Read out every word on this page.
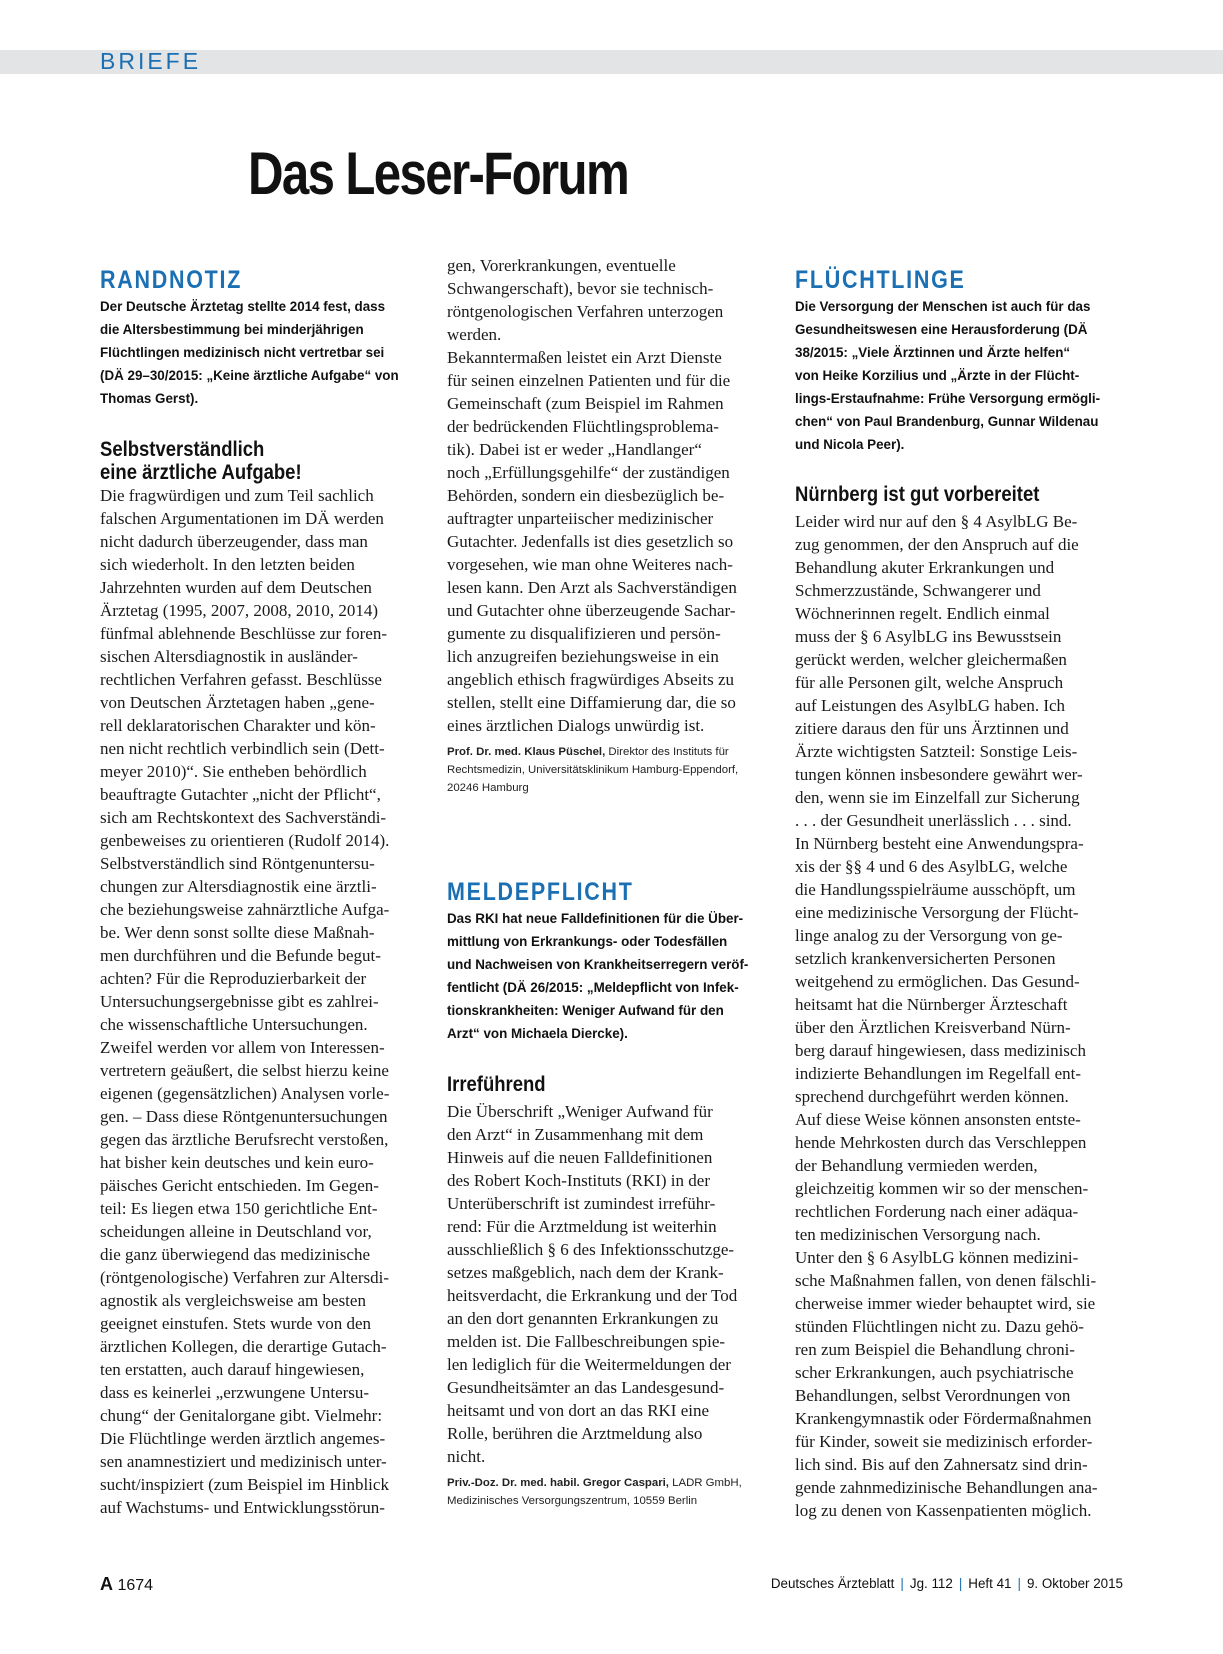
BRIEFE
Das Leser-Forum
RANDNOTIZ
Der Deutsche Ärztetag stellte 2014 fest, dass
die Altersbestimmung bei minderjährigen
Flüchtlingen medizinisch nicht vertretbar sei
(DÄ 29–30/2015: „Keine ärztliche Aufgabe“ von
Thomas Gerst).
Selbstverständlich
eine ärztliche Aufgabe!
Die fragwürdigen und zum Teil sachlich
falschen Argumentationen im DÄ werden
nicht dadurch überzeugender, dass man
sich wiederholt. In den letzten beiden
Jahrzehnten wurden auf dem Deutschen
Ärztetag (1995, 2007, 2008, 2010, 2014)
fünfmal ablehnende Beschlüsse zur foren-
sischen Altersdiagnostik in ausländer-
rechtlichen Verfahren gefasst. Beschlüsse
von Deutschen Ärztetagen haben „gene-
rell deklaratorischen Charakter und kön-
nen nicht rechtlich verbindlich sein (Dett-
meyer 2010)“. Sie entheben behördlich
beauftragte Gutachter „nicht der Pflicht“,
sich am Rechtskontext des Sachverständi-
genbeweises zu orientieren (Rudolf 2014).
Selbstverständlich sind Röntgenuntersu-
chungen zur Altersdiagnostik eine ärztli-
che beziehungsweise zahnärztliche Aufga-
be. Wer denn sonst sollte diese Maßnah-
men durchführen und die Befunde begut-
achten? Für die Reproduzierbarkeit der
Untersuchungsergebnisse gibt es zahlrei-
che wissenschaftliche Untersuchungen.
Zweifel werden vor allem von Interessen-
vertretern geäußert, die selbst hierzu keine
eigenen (gegensätzlichen) Analysen vorle-
gen. – Dass diese Röntgenuntersuchungen
gegen das ärztliche Berufsrecht verstoßen,
hat bisher kein deutsches und kein euro-
päisches Gericht entschieden. Im Gegen-
teil: Es liegen etwa 150 gerichtliche Ent-
scheidungen alleine in Deutschland vor,
die ganz überwiegend das medizinische
(röntgenologische) Verfahren zur Altersdi-
agnostik als vergleichsweise am besten
geeignet einstufen. Stets wurde von den
ärztlichen Kollegen, die derartige Gutach-
ten erstatten, auch darauf hingewiesen,
dass es keinerlei „erzwungene Untersu-
chung“ der Genitalorgane gibt. Vielmehr:
Die Flüchtlinge werden ärztlich angemes-
sen anamnestiziert und medizinisch unter-
sucht/inspiziert (zum Beispiel im Hinblick
auf Wachstums- und Entwicklungsstörun-
gen, Vorerkrankungen, eventuelle
Schwangerschaft), bevor sie technisch-
röntgenologischen Verfahren unterzogen
werden.
Bekanntermaßen leistet ein Arzt Dienste
für seinen einzelnen Patienten und für die
Gemeinschaft (zum Beispiel im Rahmen
der bedrückenden Flüchtlingsproblema-
tik). Dabei ist er weder „Handlanger“
noch „Erfüllungsgehilfe“ der zuständigen
Behörden, sondern ein diesbezüglich be-
auftragter unparteiischer medizinischer
Gutachter. Jedenfalls ist dies gesetzlich so
vorgesehen, wie man ohne Weiteres nach-
lesen kann. Den Arzt als Sachverständigen
und Gutachter ohne überzeugende Sachar-
gumente zu disqualifizieren und persön-
lich anzugreifen beziehungsweise in ein
angeblich ethisch fragwürdiges Abseits zu
stellen, stellt eine Diffamierung dar, die so
eines ärztlichen Dialogs unwürdig ist.
Prof. Dr. med. Klaus Püschel, Direktor des Instituts für
Rechtsmedizin, Universitätsklinikum Hamburg-Eppendorf,
20246 Hamburg
MELDEPFLICHT
Das RKI hat neue Falldefinitionen für die Über-
mittlung von Erkrankungs- oder Todesfällen
und Nachweisen von Krankheitserregern veröf-
fentlicht (DÄ 26/2015: „Meldepflicht von Infek-
tionskrankheiten: Weniger Aufwand für den
Arzt“ von Michaela Diercke).
Irreführend
Die Überschrift „Weniger Aufwand für
den Arzt“ in Zusammenhang mit dem
Hinweis auf die neuen Falldefinitionen
des Robert Koch-Instituts (RKI) in der
Unterüberschrift ist zumindest irreführ-
rend: Für die Arztmeldung ist weiterhin
ausschließlich § 6 des Infektionsschutzge-
setzes maßgeblich, nach dem der Krank-
heitsverdacht, die Erkrankung und der Tod
an den dort genannten Erkrankungen zu
melden ist. Die Fallbeschreibungen spie-
len lediglich für die Weitermeldungen der
Gesundheitsämter an das Landesgesund-
heitsamt und von dort an das RKI eine
Rolle, berühren die Arztmeldung also
nicht.
Priv.-Doz. Dr. med. habil. Gregor Caspari, LADR GmbH,
Medizinisches Versorgungszentrum, 10559 Berlin
FLÜCHTLINGE
Die Versorgung der Menschen ist auch für das
Gesundheitswesen eine Herausforderung (DÄ
38/2015: „Viele Ärztinnen und Ärzte helfen“
von Heike Korzilius und „Ärzte in der Flücht-
lings-Erstaufnahme: Frühe Versorgung ermögli-
chen“ von Paul Brandenburg, Gunnar Wildenau
und Nicola Peer).
Nürnberg ist gut vorbereitet
Leider wird nur auf den § 4 AsylbLG Be-
zug genommen, der den Anspruch auf die
Behandlung akuter Erkrankungen und
Schmerzzustände, Schwangerer und
Wöchnerinnen regelt. Endlich einmal
muss der § 6 AsylbLG ins Bewusstsein
gerückt werden, welcher gleichermaßen
für alle Personen gilt, welche Anspruch
auf Leistungen des AsylbLG haben. Ich
zitiere daraus den für uns Ärztinnen und
Ärzte wichtigsten Satzteil: Sonstige Leis-
tungen können insbesondere gewährt wer-
den, wenn sie im Einzelfall zur Sicherung
. . . der Gesundheit unerlässlich . . . sind.
In Nürnberg besteht eine Anwendungspra-
xis der §§ 4 und 6 des AsylbLG, welche
die Handlungsspielräume ausschöpft, um
eine medizinische Versorgung der Flücht-
linge analog zu der Versorgung von ge-
setzlich krankenversicherten Personen
weitgehend zu ermöglichen. Das Gesund-
heitsamt hat die Nürnberger Ärzteschaft
über den Ärztlichen Kreisverband Nürn-
berg darauf hingewiesen, dass medizinisch
indizierte Behandlungen im Regelfall ent-
sprechend durchgeführt werden können.
Auf diese Weise können ansonsten entste-
hende Mehrkosten durch das Verschleppen
der Behandlung vermieden werden,
gleichzeitig kommen wir so der menschen-
rechtlichen Forderung nach einer adäqua-
ten medizinischen Versorgung nach.
Unter den § 6 AsylbLG können medizini-
sche Maßnahmen fallen, von denen fälschli-
cherweise immer wieder behauptet wird, sie
stünden Flüchtlingen nicht zu. Dazu gehö-
ren zum Beispiel die Behandlung chroni-
scher Erkrankungen, auch psychiatrische
Behandlungen, selbst Verordnungen von
Krankengymnastik oder Fördermaßnahmen
für Kinder, soweit sie medizinisch erforder-
lich sind. Bis auf den Zahnersatz sind drin-
gende zahnmedizinische Behandlungen ana-
log zu denen von Kassenpatienten möglich.
A 1674	Deutsches Ärzteblatt | Jg. 112 | Heft 41 | 9. Oktober 2015
